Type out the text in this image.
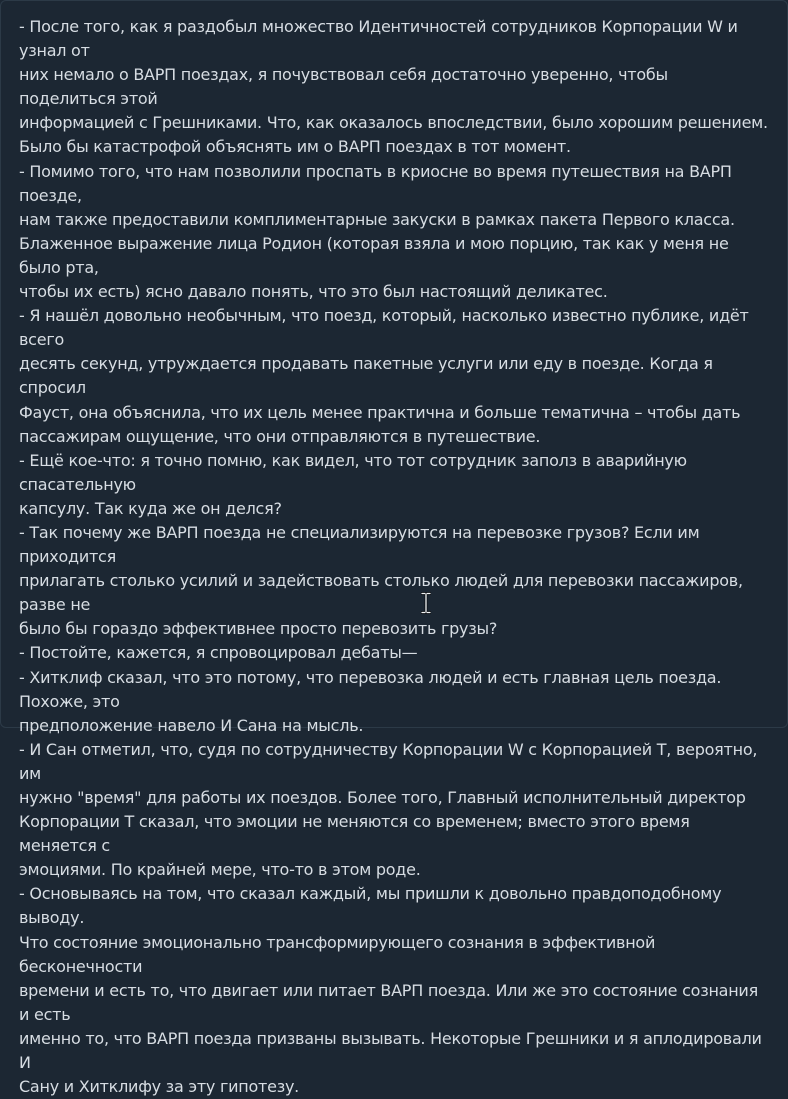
- После того, как я раздобыл множество Идентичностей сотрудников Корпорации W и узнал от
них немало о ВАРП поездах, я почувствовал себя достаточно уверенно, чтобы поделиться этой
информацией с Грешниками. Что, как оказалось впоследствии, было хорошим решением.
Было бы катастрофой объяснять им о ВАРП поездах в тот момент.

- Помимо того, что нам позволили проспать в криосне во время путешествия на ВАРП поезде,
нам также предоставили комплиментарные закуски в рамках пакета Первого класса.
Блаженное выражение лица Родион (которая взяла и мою порцию, так как у меня не было рта,
чтобы их есть) ясно давало понять, что это был настоящий деликатес.

- Я нашёл довольно необычным, что поезд, который, насколько известно публике, идёт всего
десять секунд, утруждается продавать пакетные услуги или еду в поезде. Когда я спросил
Фауст, она объяснила, что их цель менее практична и больше тематична – чтобы дать
пассажирам ощущение, что они отправляются в путешествие.

- Ещё кое-что: я точно помню, как видел, что тот сотрудник заполз в аварийную спасательную
капсулу. Так куда же он делся?

- Так почему же ВАРП поезда не специализируются на перевозке грузов? Если им приходится
прилагать столько усилий и задействовать столько людей для перевозки пассажиров, разве не
было бы гораздо эффективнее просто перевозить грузы?

- Постойте, кажется, я спровоцировал дебаты—

- Хитклиф сказал, что это потому, что перевозка людей и есть главная цель поезда. Похоже, это
предположение навело И Сана на мысль.

- И Сан отметил, что, судя по сотрудничеству Корпорации W с Корпорацией T, вероятно, им
нужно "время" для работы их поездов. Более того, Главный исполнительный директор
Корпорации T сказал, что эмоции не меняются со временем; вместо этого время меняется с
эмоциями. По крайней мере, что-то в этом роде.

- Основываясь на том, что сказал каждый, мы пришли к довольно правдоподобному выводу.
Что состояние эмоционально трансформирующего сознания в эффективной бесконечности
времени и есть то, что двигает или питает ВАРП поезда. Или же это состояние сознания и есть
именно то, что ВАРП поезда призваны вызывать. Некоторые Грешники и я аплодировали И
Сану и Хитклифу за эту гипотезу.
